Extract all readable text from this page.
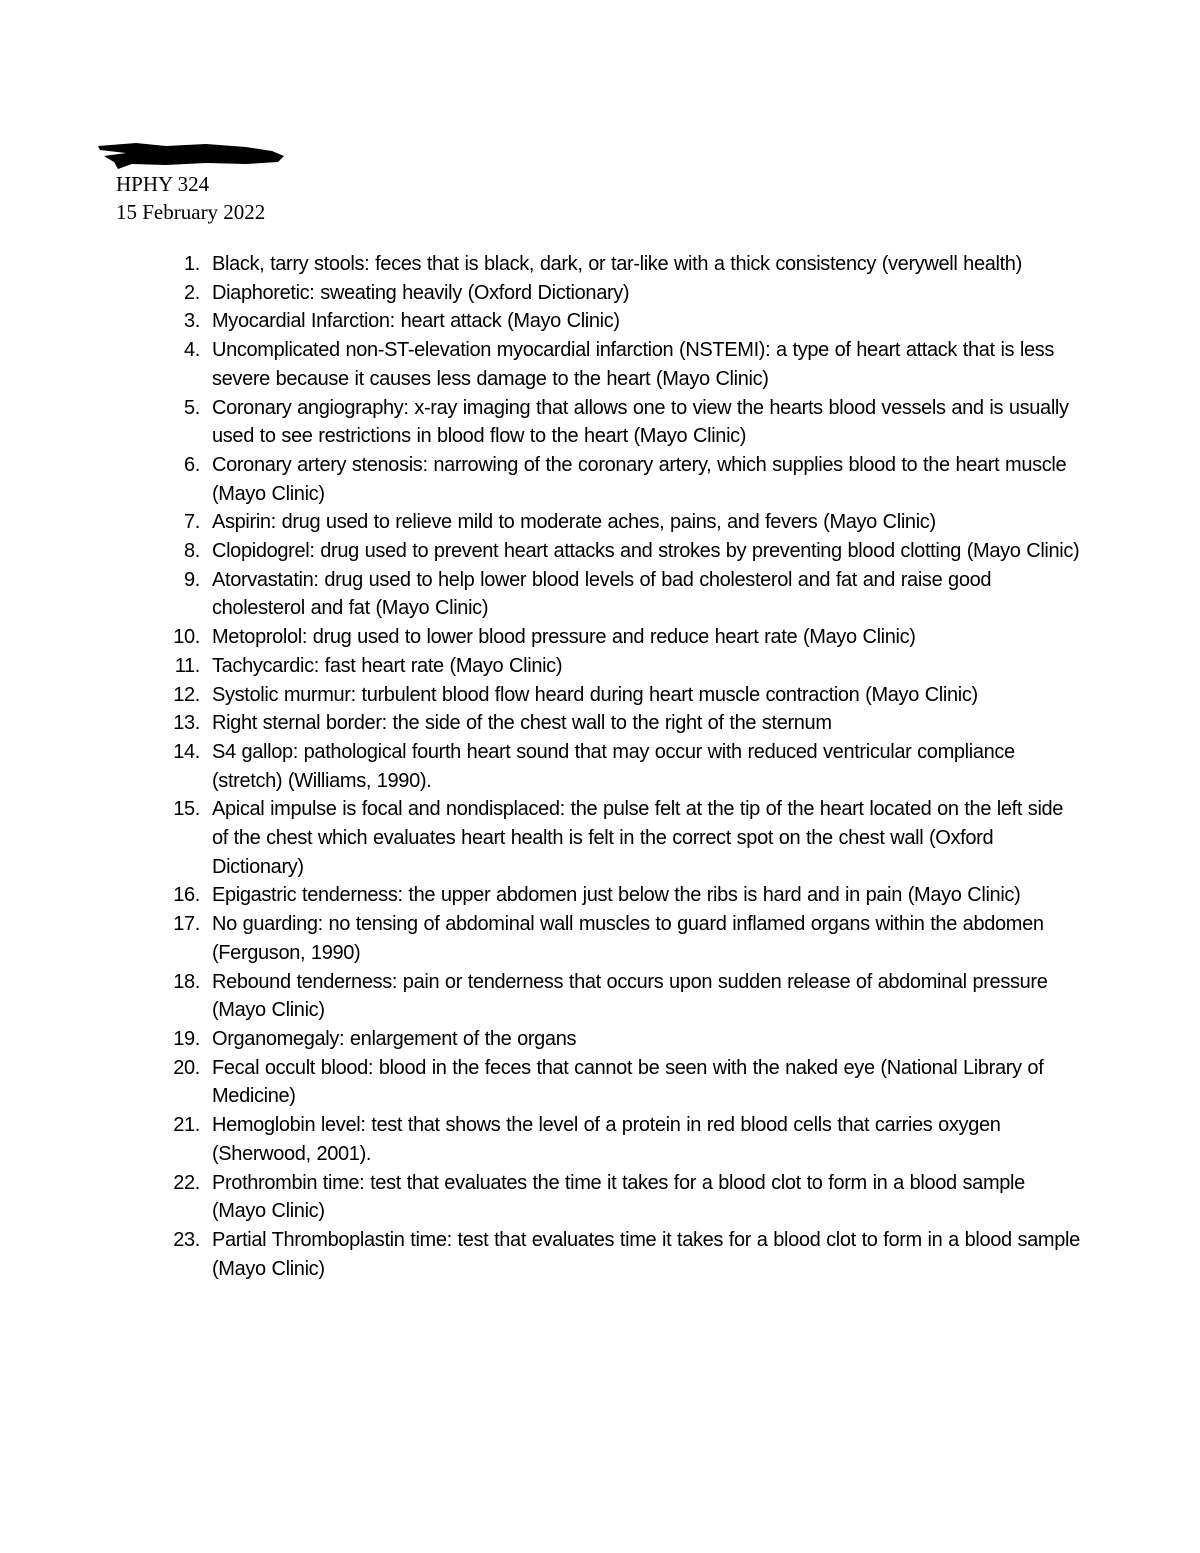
HPHY 324
15 February 2022
1. Black, tarry stools: feces that is black, dark, or tar-like with a thick consistency (verywell health)
2. Diaphoretic: sweating heavily (Oxford Dictionary)
3. Myocardial Infarction: heart attack (Mayo Clinic)
4. Uncomplicated non-ST-elevation myocardial infarction (NSTEMI): a type of heart attack that is less severe because it causes less damage to the heart (Mayo Clinic)
5. Coronary angiography: x-ray imaging that allows one to view the hearts blood vessels and is usually used to see restrictions in blood flow to the heart (Mayo Clinic)
6. Coronary artery stenosis: narrowing of the coronary artery, which supplies blood to the heart muscle (Mayo Clinic)
7. Aspirin: drug used to relieve mild to moderate aches, pains, and fevers (Mayo Clinic)
8. Clopidogrel: drug used to prevent heart attacks and strokes by preventing blood clotting (Mayo Clinic)
9. Atorvastatin: drug used to help lower blood levels of bad cholesterol and fat and raise good cholesterol and fat (Mayo Clinic)
10. Metoprolol: drug used to lower blood pressure and reduce heart rate (Mayo Clinic)
11. Tachycardic: fast heart rate (Mayo Clinic)
12. Systolic murmur: turbulent blood flow heard during heart muscle contraction (Mayo Clinic)
13. Right sternal border: the side of the chest wall to the right of the sternum
14. S4 gallop: pathological fourth heart sound that may occur with reduced ventricular compliance (stretch) (Williams, 1990).
15. Apical impulse is focal and nondisplaced: the pulse felt at the tip of the heart located on the left side of the chest which evaluates heart health is felt in the correct spot on the chest wall (Oxford Dictionary)
16. Epigastric tenderness: the upper abdomen just below the ribs is hard and in pain (Mayo Clinic)
17. No guarding: no tensing of abdominal wall muscles to guard inflamed organs within the abdomen (Ferguson, 1990)
18. Rebound tenderness: pain or tenderness that occurs upon sudden release of abdominal pressure (Mayo Clinic)
19. Organomegaly: enlargement of the organs
20. Fecal occult blood: blood in the feces that cannot be seen with the naked eye (National Library of Medicine)
21. Hemoglobin level: test that shows the level of a protein in red blood cells that carries oxygen (Sherwood, 2001).
22. Prothrombin time: test that evaluates the time it takes for a blood clot to form in a blood sample (Mayo Clinic)
23. Partial Thromboplastin time: test that evaluates time it takes for a blood clot to form in a blood sample (Mayo Clinic)
